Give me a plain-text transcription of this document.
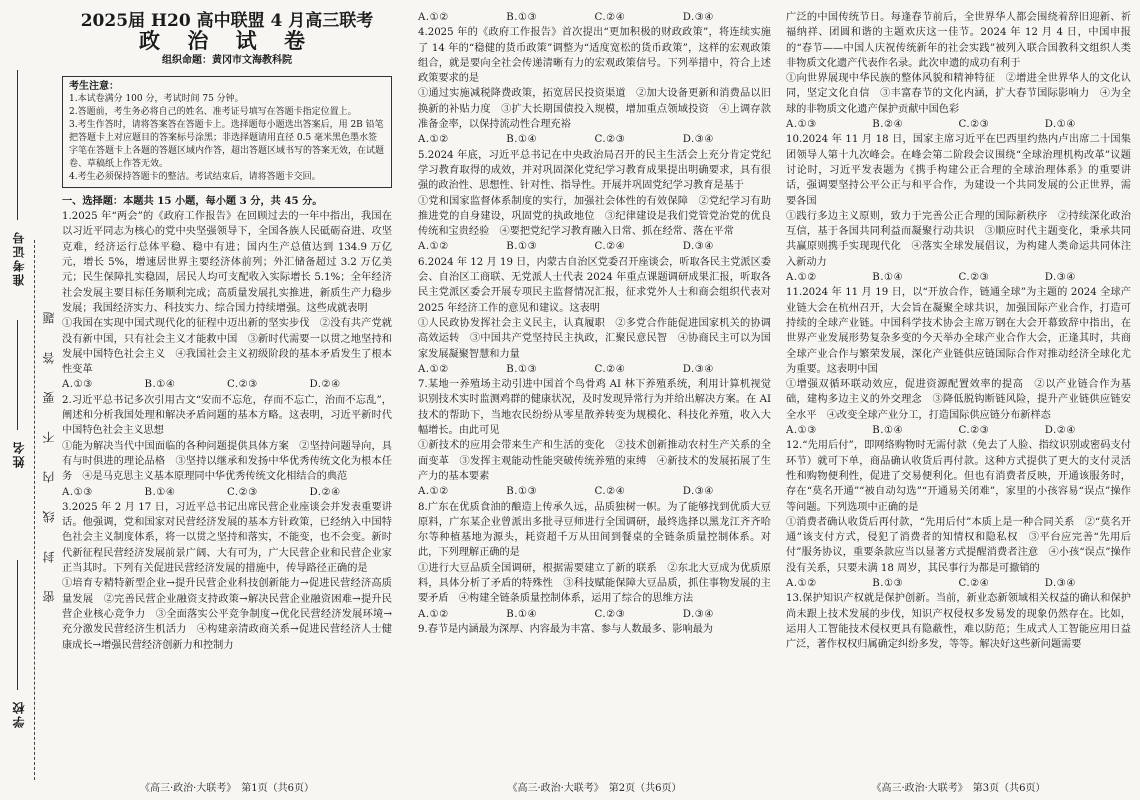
密 封 线 内 不 要 答 题
学校
姓名
准考证号
2025届 H20 高中联盟 4 月高三联考
政 治 试 卷
组织命题：黄冈市文海教科院
考生注意：
1.本试卷满分 100 分，考试时间 75 分钟。
2.答题前，考生务必将自己的姓名、准考证号填写在答题卡指定位置上。
3.考生作答时，请将答案答在答题卡上。选择题每小题选出答案后，用 2B 铅笔把答题卡上对应题目的答案标号涂黑；非选择题请用直径 0.5 毫米黑色墨水签字笔在答题卡上各题的答题区域内作答，超出答题区域书写的答案无效，在试题卷、草稿纸上作答无效。
4.考生必须保持答题卡的整洁。考试结束后，请将答题卡交回。
一、选择题：本题共 15 小题，每小题 3 分，共 45 分。
1.2025 年“两会”的《政府工作报告》在回顾过去的一年中指出，我国在以习近平同志为核心的党中央坚强领导下，全国各族人民砥砺奋进、攻坚克难，经济运行总体平稳、稳中有进；国内生产总值达到 134.9 万亿元，增长 5%，增速居世界主要经济体前列；外汇储备超过 3.2 万亿美元；民生保障扎实稳固，居民人均可支配收入实际增长 5.1%；全年经济社会发展主要目标任务顺利完成；高质量发展扎实推进，新质生产力稳步发展；我国经济实力、科技实力、综合国力持续增强。这些成就表明
①我国在实现中国式现代化的征程中迈出新的坚实步伐　②没有共产党就没有新中国，只有社会主义才能救中国　③新时代需要一以贯之地坚持和发展中国特色社会主义　④我国社会主义初级阶段的基本矛盾发生了根本性变革
A.①③	B.①④	C.②③	D.②④
2.习近平总书记多次引用古文“安而不忘危，存而不忘亡，治而不忘乱”，阐述和分析我国处理和解决矛盾问题的基本方略。这表明，习近平新时代中国特色社会主义思想
①能为解决当代中国面临的各种问题提供具体方案　②坚持问题导向，具有与时俱进的理论品格　③坚持以继承和发扬中华优秀传统文化为根本任务　④是马克思主义基本原理同中华优秀传统文化相结合的典范
A.①③	B.①④	C.②③	D.②④
3.2025 年 2 月 17 日，习近平总书记出席民营企业座谈会并发表重要讲话。他强调，党和国家对民营经济发展的基本方针政策，已经纳入中国特色社会主义制度体系，将一以贯之坚持和落实，不能变，也不会变。新时代新征程民营经济发展前景广阔、大有可为，广大民营企业和民营企业家正当其时。下列有关促进民营经济发展的措施中，传导路径正确的是
①培育专精特新型企业→提升民营企业科技创新能力→促进民营经济高质量发展　②完善民营企业融资支持政策→解决民营企业融资困难→提升民营企业核心竞争力　③全面落实公平竞争制度→优化民营经济发展环境→充分激发民营经济生机活力　④构建亲清政商关系→促进民营经济人士健康成长→增强民营经济创新力和控制力
A.①②	B.①③	C.②④	D.③④
4.2025 年的《政府工作报告》首次提出“更加积极的财政政策”，将连续实施了 14 年的“稳健的货币政策”调整为“适度宽松的货币政策”，这样的宏观政策组合，就是要向全社会传递清晰有力的宏观政策信号。下列举措中，符合上述政策要求的是
①通过实施减税降费政策，拓宽居民投资渠道　②加大设备更新和消费品以旧换新的补贴力度　③扩大长期国债投入规模，增加重点领域投资　④上调存款准备金率，以保持流动性合理充裕
A.①②	B.①④	C.②③	D.③④
5.2024 年底，习近平总书记在中央政治局召开的民主生活会上充分肯定党纪学习教育取得的成效，并对巩固深化党纪学习教育成果提出明确要求，具有很强的政治性、思想性、针对性、指导性。开展并巩固党纪学习教育是基于
①党和国家监督体系制度的实行，加强社会体性的有效保障　②党纪学习有助推进党的自身建设，巩固党的执政地位　③纪律建设是我们党管党治党的优良传统和宝贵经验　④要把党纪学习教育融入日常、抓在经常、落在平常
A.①②	B.①③	C.②④	D.③④
6.2024 年 12 月 19 日，内蒙古自治区党委召开座谈会，听取各民主党派区委会、自治区工商联、无党派人士代表 2024 年重点课题调研成果汇报，听取各民主党派区委会开展专项民主监督情况汇报，征求党外人士和商会组织代表对 2025 年经济工作的意见和建议。这表明
①人民政协发挥社会主义民主，认真履职　②多党合作能促进国家机关的协调高效运转　③中国共产党坚持民主执政，汇聚民意民智　④协商民主可以为国家发展凝聚智慧和力量
A.①②	B.①③	C.②④	D.③④
7.某地一养殖场主动引进中国首个鸟骨鸡 AI 林下养殖系统，利用计算机视觉识别技术实时监测鸡群的健康状况，及时发现异常行为并给出解决方案。在 AI 技术的帮助下，当地农民纷纷从零星散养转变为规模化、科技化养殖，收入大幅增长。由此可见
①新技术的应用会带来生产和生活的变化　②技术创新推动农村生产关系的全面变革　③发挥主观能动性能突破传统养殖的束缚　④新技术的发展拓展了生产力的基本要素
A.①②	B.①③	C.②④	D.③④
8.广东在优质食油的酿造上传承久远，品质独树一帜。为了能够找到优质大豆原料，广东某企业曾派出多批寻豆师进行全国调研，最终选择以黑龙江齐齐哈尔等种植基地为源头，耗资超千万从田间到餐桌的全链条质量控制体系。对此，下列理解正确的是
①进行大豆品质全国调研，根据需要建立了新的联系　②东北大豆成为优质原料，具体分析了矛盾的特殊性　③科技赋能保障大豆品质，抓住事物发展的主要矛盾　④构建全链条质量控制体系，运用了综合的思维方法
A.①②	B.①④	C.②③	D.③④
9.春节是内涵最为深厚、内容最为丰富、参与人数最多、影响最为
广泛的中国传统节日。每逢春节前后，全世界华人都会围绕着辞旧迎新、祈福纳祥、团圆和谐的主题欢庆这一佳节。2024 年 12 月 4 日，中国申报的“春节——中国人庆祝传统新年的社会实践”被列入联合国教科文组织人类非物质文化遗产代表作名录。此次申遗的成功有利于
①向世界展现中华民族的整体风貌和精神特征　②增进全世界华人的文化认同，坚定文化自信　③丰富春节的文化内涵，扩大春节国际影响力　④为全球的非物质文化遗产保护贡献中国色彩
A.①③	B.②④	C.②③	D.①④
10.2024 年 11 月 18 日，国家主席习近平在巴西里约热内卢出席二十国集团领导人第十九次峰会。在峰会第二阶段会议围绕“全球治理机构改革”议题讨论时，习近平发表题为《携手构建公正合理的全球治理体系》的重要讲话，强调要坚持公平公正与和平合作，为建设一个共同发展的公正世界，需要各国
①践行多边主义原则，致力于完善公正合理的国际新秩序　②持续深化政治互信，基于各国共同利益而凝聚行动共识　③顺应时代主题变化，秉承共同共赢原则携手实现现代化　④落实全球发展倡议，为构建人类命运共同体注入新动力
A.①②	B.①④	C.②③	D.③④
11.2024 年 11 月 19 日，以“开放合作，链通全球”为主题的 2024 全球产业链大会在杭州召开，大会旨在凝聚全球共识，加强国际产业合作，打造可持续的全球产业链。中国科学技术协会主席万钢在大会开幕致辞中指出，在世界产业发展形势复杂多变的今天举办全球产业合作大会，正逢其时，共商全球产业合作与繁荣发展，深化产业链供应链国际合作对推动经济全球化尤为重要。这表明中国
①增强双循环联动效应，促进资源配置效率的提高　②以产业链合作为基础，建构多边主义的外交理念　③降低脱钩断链风险，提升产业链供应链安全水平　④改变全球产业分工，打造国际供应链分布新样态
A.①③	B.①④	C.②③	D.②④
12.“先用后付”，即网络购物时无需付款（免去了人脸、指纹识别或密码支付环节）就可下单，商品确认收货后再付款。这种方式提供了更大的支付灵活性和购物便利性，促进了交易便利化。但也有消费者反映，开通该服务时，存在“莫名开通”“被自动勾选”“开通易关闭难”，家里的小孩容易“误点”操作等问题。下列选项中正确的是
①消费者确认收货后再付款，“先用后付”本质上是一种合同关系　②“莫名开通”该支付方式，侵犯了消费者的知情权和隐私权　③平台应完善“先用后付”服务协议，重要条款应当以显著方式提醒消费者注意　④小孩“误点”操作没有关系，只要未满 18 周岁，其民事行为都是可撤销的
A.①②	B.①③	C.②④	D.③④
13.保护知识产权就是保护创新。当前，新业态新领域相关权益的确认和保护尚未跟上技术发展的步伐，知识产权侵权多发易发的现象仍然存在。比如，运用人工智能技术侵权更具有隐蔽性，难以防范；生成式人工智能应用日益广泛，著作权权归属确定纠纷多发，等等。解决好这些新问题需要
《高三·政治·大联考》　第1页（共6页）	《高三·政治·大联考》　第2页（共6页）	《高三·政治·大联考》　第3页（共6页）
